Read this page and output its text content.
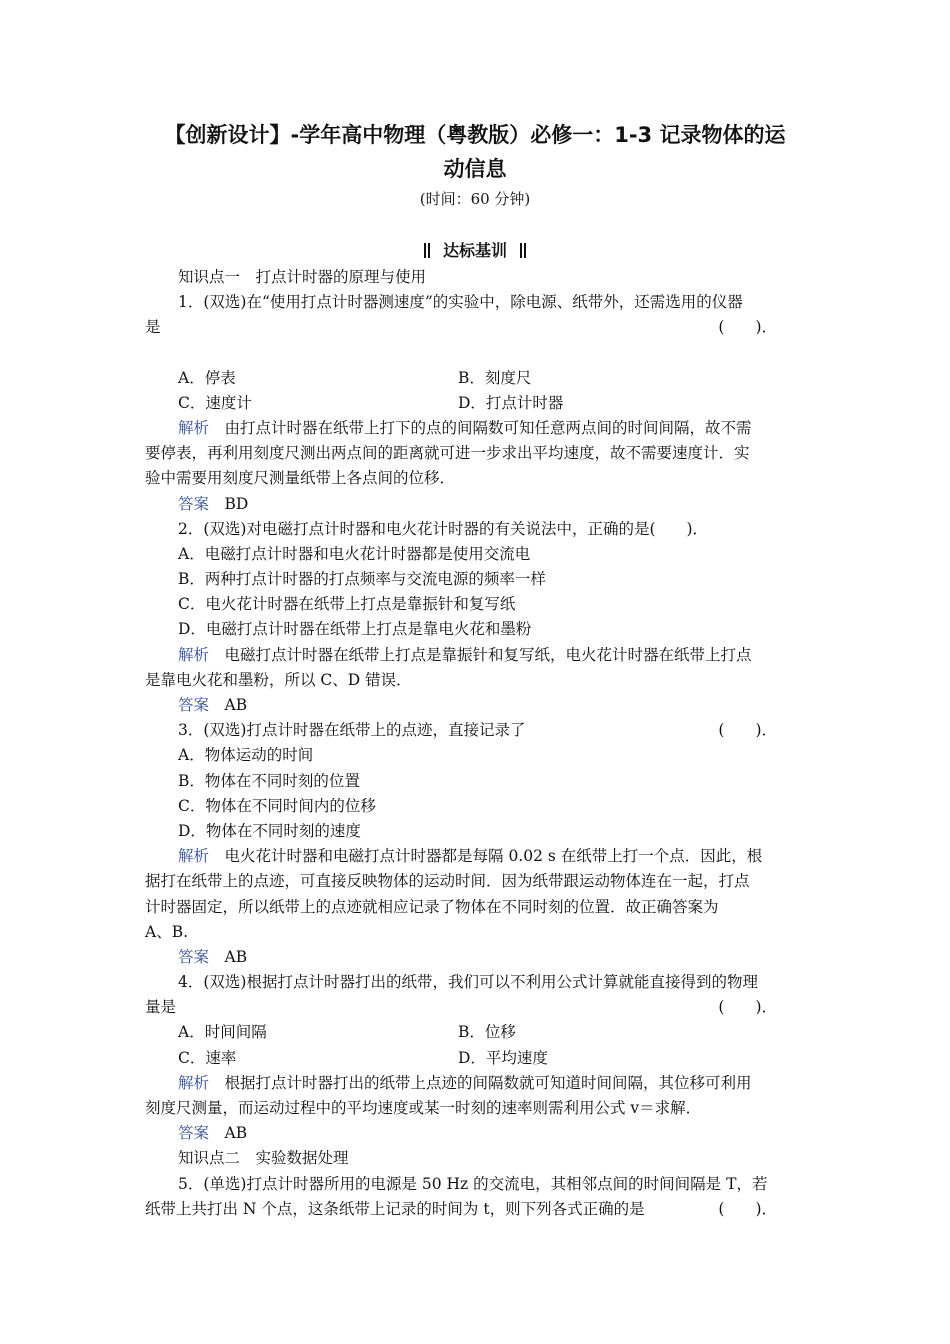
【创新设计】-学年高中物理（粤教版）必修一：1-3 记录物体的运
动信息
(时间：60 分钟)
达标基训
知识点一　打点计时器的原理与使用
1．(双选)在“使用打点计时器测速度”的实验中，除电源、纸带外，还需选用的仪器
是	(　　)．
A．停表	B．刻度尺
C．速度计	D．打点计时器
解析　由打点计时器在纸带上打下的点的间隔数可知任意两点间的时间间隔，故不需
要停表，再利用刻度尺测出两点间的距离就可进一步求出平均速度，故不需要速度计．实
验中需要用刻度尺测量纸带上各点间的位移．
答案　BD
2．(双选)对电磁打点计时器和电火花计时器的有关说法中，正确的是(　　)．
A．电磁打点计时器和电火花计时器都是使用交流电
B．两种打点计时器的打点频率与交流电源的频率一样
C．电火花计时器在纸带上打点是靠振针和复写纸
D．电磁打点计时器在纸带上打点是靠电火花和墨粉
解析　电磁打点计时器在纸带上打点是靠振针和复写纸，电火花计时器在纸带上打点
是靠电火花和墨粉，所以 C、D 错误．
答案　AB
3．(双选)打点计时器在纸带上的点迹，直接记录了	(　　)．
A．物体运动的时间
B．物体在不同时刻的位置
C．物体在不同时间内的位移
D．物体在不同时刻的速度
解析　电火花计时器和电磁打点计时器都是每隔 0.02 s 在纸带上打一个点．因此，根
据打在纸带上的点迹，可直接反映物体的运动时间．因为纸带跟运动物体连在一起，打点
计时器固定，所以纸带上的点迹就相应记录了物体在不同时刻的位置．故正确答案为
A、B.
答案　AB
4．(双选)根据打点计时器打出的纸带，我们可以不利用公式计算就能直接得到的物理
量是	(　　)．
A．时间间隔	B．位移
C．速率	D．平均速度
解析　根据打点计时器打出的纸带上点迹的间隔数就可知道时间间隔，其位移可利用
刻度尺测量，而运动过程中的平均速度或某一时刻的速率则需利用公式 v＝求解．
答案　AB
知识点二　实验数据处理
5．(单选)打点计时器所用的电源是 50 Hz 的交流电，其相邻点间的时间间隔是 T，若
纸带上共打出 N 个点，这条纸带上记录的时间为 t，则下列各式正确的是	(　　)．
